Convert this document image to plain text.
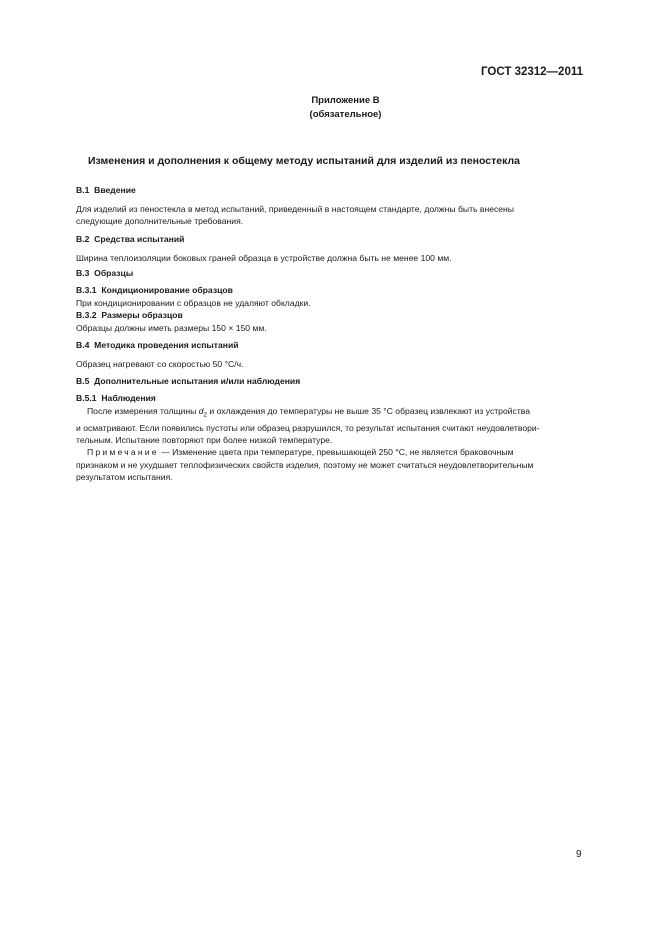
ГОСТ 32312—2011
Приложение В
(обязательное)
Изменения и дополнения к общему методу испытаний для изделий из пеностекла
В.1 Введение
Для изделий из пеностекла в метод испытаний, приведенный в настоящем стандарте, должны быть внесены
следующие дополнительные требования.
В.2 Средства испытаний
Ширина теплоизоляции боковых граней образца в устройстве должна быть не менее 100 мм.
В.3 Образцы
В.3.1 Кондиционирование образцов
При кондиционировании с образцов не удаляют обкладки.
В.3.2 Размеры образцов
Образцы должны иметь размеры 150 × 150 мм.
В.4 Методика проведения испытаний
Образец нагревают со скоростью 50 °С/ч.
В.5 Дополнительные испытания и/или наблюдения
В.5.1 Наблюдения
После измерения толщины $d_2$ и охлаждения до температуры не выше 35 °С образец извлекают из устройства
и осматривают. Если появились пустоты или образец разрушился, то результат испытания считают неудовлетвори-
тельным. Испытание повторяют при более низкой температуре.
Примечание — Изменение цвета при температуре, превышающей 250 °С, не является браковочным
признаком и не ухудшает теплофизических свойств изделия, поэтому не может считаться неудовлетворительным
результатом испытания.
9
